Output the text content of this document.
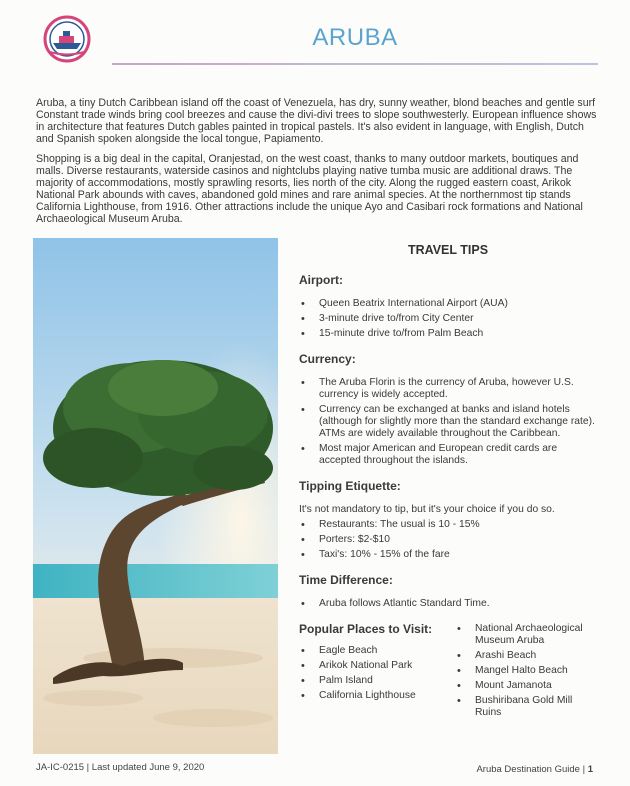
ARUBA

Aruba, a tiny Dutch Caribbean island off the coast of Venezuela, has dry, sunny weather, blond beaches and gentle surf Constant trade winds bring cool breezes and cause the divi-divi trees to slope southwesterly. European influence shows in architecture that features Dutch gables painted in tropical pastels. It's also evident in language, with English, Dutch and Spanish spoken alongside the local tongue, Papiamento.

Shopping is a big deal in the capital, Oranjestad, on the west coast, thanks to many outdoor markets, boutiques and malls. Diverse restaurants, waterside casinos and nightclubs playing native tumba music are additional draws. The majority of accommodations, mostly sprawling resorts, lies north of the city. Along the rugged eastern coast, Arikok National Park abounds with caves, abandoned gold mines and rare animal species. At the northernmost tip stands California Lighthouse, from 1916. Other attractions include the unique Ayo and Casibari rock formations and National Archaeological Museum Aruba.

TRAVEL TIPS
Airport:
• Queen Beatrix International Airport (AUA)
• 3-minute drive to/from City Center
• 15-minute drive to/from Palm Beach
Currency:
• The Aruba Florin is the currency of Aruba, however U.S. currency is widely accepted.
• Currency can be exchanged at banks and island hotels (although for slightly more than the standard exchange rate). ATMs are widely available throughout the Caribbean.
• Most major American and European credit cards are accepted throughout the islands.
Tipping Etiquette:
It's not mandatory to tip, but it's your choice if you do so.
• Restaurants: The usual is 10 - 15%
• Porters: $2-$10
• Taxi's: 10% - 15% of the fare
Time Difference:
• Aruba follows Atlantic Standard Time.
Popular Places to Visit:
• Eagle Beach
• Arikok National Park
• Palm Island
• California Lighthouse
• National Archaeological Museum Aruba
• Arashi Beach
• Mangel Halto Beach
• Mount Jamanota
• Bushiribana Gold Mill Ruins
JA-IC-0215 | Last updated June 9, 2020	Aruba Destination Guide | 1
